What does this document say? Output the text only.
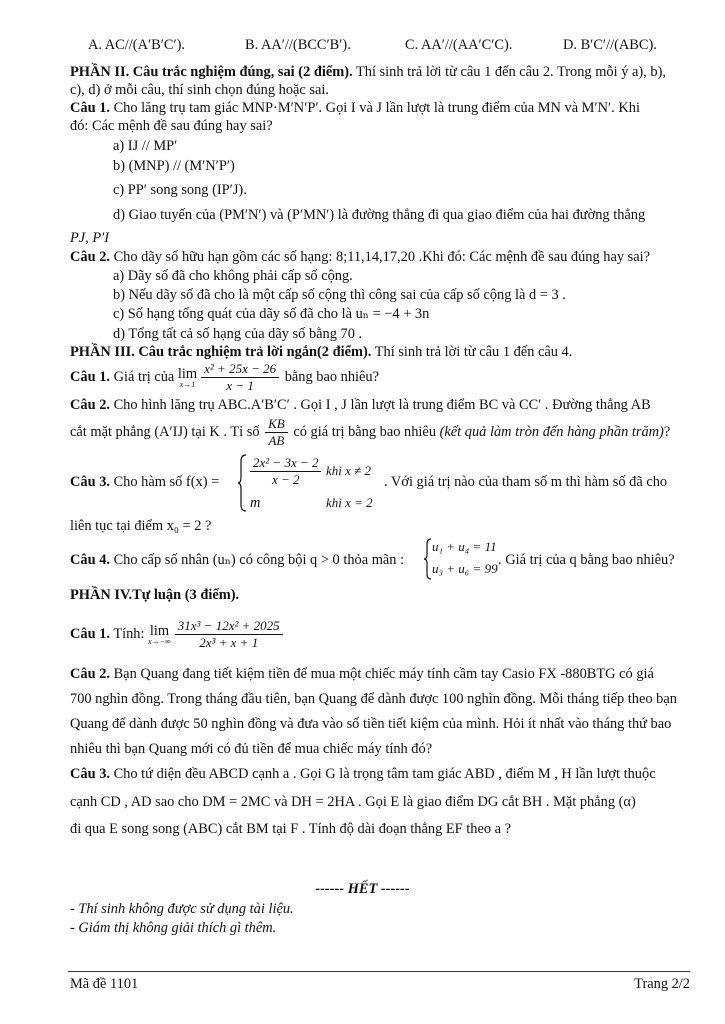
A. AC//(A′B′C′).	B. AA′//(BCC′B′).	C. AA′//(AA′C′C).	D. B′C′//(ABC).
PHẦN II. Câu trắc nghiệm đúng, sai (2 điểm). Thí sinh trả lời từ câu 1 đến câu 2. Trong mỗi ý a), b),
c), d) ở mỗi câu, thí sinh chọn đúng hoặc sai.
Câu 1. Cho lăng trụ tam giác MNP·M′N′P′. Gọi I và J lần lượt là trung điểm của MN và M′N′. Khi
đó: Các mệnh đề sau đúng hay sai?
a) IJ // MP′
b) (MNP) // (M′N′P′)
c) PP′ song song (IP′J).
d) Giao tuyến của (PM′N′) và (P′MN′) là đường thẳng đi qua giao điểm của hai đường thẳng
PJ, P′I
Câu 2. Cho dãy số hữu hạn gồm các số hạng: 8;11,14,17,20 .Khi đó: Các mệnh đề sau đúng hay sai?
a) Dãy số đã cho không phải cấp số cộng.
b) Nếu dãy số đã cho là một cấp số cộng thì công sai của cấp số cộng là d = 3 .
c) Số hạng tổng quát của dãy số đã cho là uₙ = −4 + 3n
d) Tổng tất cả số hạng của dãy số bằng 70 .
PHẦN III. Câu trắc nghiệm trả lời ngắn(2 điểm). Thí sinh trả lời từ câu 1 đến câu 4.
Câu 1. Giá trị của lim
$x\to 1 \frac{\text{x² + 25x − 26}}{x - 1}$ bằng bao nhiêu?
Câu 2. Cho hình lăng trụ ABC.A′B′C′ . Gọi I , J lần lượt là trung điểm BC và CC′ . Đường thẳng AB
cắt mặt phẳng (A′IJ) tại K . Tỉ số $\frac{KB}{AB}$ có giá trị bằng bao nhiêu (kết quả làm tròn đến hàng phần trăm)?
Câu 3. Cho hàm số f(x) =	$\frac{\text{2x² − 3x − 2}}{x - 2}$ khi x ≠ 2
m	khi x = 2
. Với giá trị nào của tham số m thì hàm số đã cho
liên tục tại điểm x₀ = 2 ?
Câu 4. Cho cấp số nhân (uₙ) có công bội q > 0 thỏa mãn :
u₁ + u₄ = 11
u₃ + u₆ = 99
. Giá trị của q bằng bao nhiêu?
PHẦN IV.Tự luận (3 điểm).
Câu 1. Tính: lim
$x\to-\infty \frac{\text{31x³ − 12x² + 2025}}{\text{2x³ + x + 1}}$
Câu 2. Bạn Quang đang tiết kiệm tiền để mua một chiếc máy tính cầm tay Casio FX -880BTG có giá
700 nghìn đồng. Trong tháng đầu tiên, bạn Quang để dành được 100 nghìn đồng. Mỗi tháng tiếp theo bạn
Quang để dành được 50 nghìn đồng và đưa vào số tiền tiết kiệm của mình. Hỏi ít nhất vào tháng thứ bao
nhiêu thì bạn Quang mới có đủ tiền để mua chiếc máy tính đó?
Câu 3. Cho tứ diện đều ABCD cạnh a . Gọi G là trọng tâm tam giác ABD , điểm M , H lần lượt thuộc
cạnh CD , AD sao cho DM = 2MC và DH = 2HA . Gọi E là giao điểm DG cắt BH . Mặt phẳng (α)
đi qua E song song (ABC) cắt BM tại F . Tính độ dài đoạn thẳng EF theo a ?
------ HẾT ------
- Thí sinh không được sử dụng tài liệu.
- Giám thị không giải thích gì thêm.
Mã đề 1101	Trang 2/2
